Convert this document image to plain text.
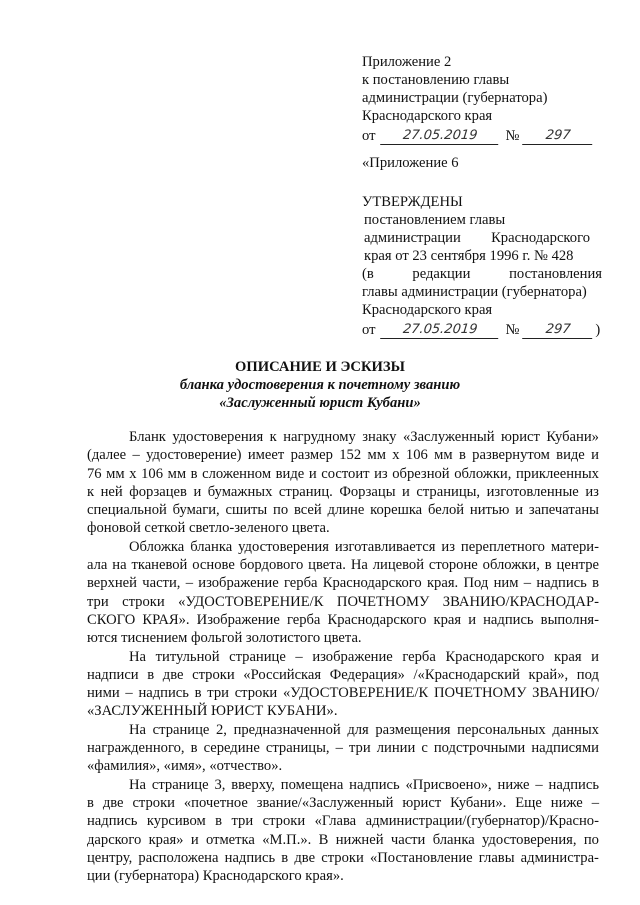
Приложение 2
к постановлению главы
администрации (губернатора)
Краснодарского края
от	27.05.2019	№	297
«Приложение 6
УТВЕРЖДЕНЫ
постановлением главы
администрации Краснодарского
края от 23 сентября 1996 г. № 428
(в	редакции	постановления
главы администрации (губернатора)
Краснодарского края
от	27.05.2019	№	297	)
ОПИСАНИЕ И ЭСКИЗЫ
бланка удостоверения к почетному званию
«Заслуженный юрист Кубани»
Бланк удостоверения к нагрудному знаку «Заслуженный юрист Кубани»
(далее – удостоверение) имеет размер 152 мм х 106 мм в развернутом виде и
76 мм х 106 мм в сложенном виде и состоит из обрезной обложки, приклеенных
к ней форзацев и бумажных страниц. Форзацы и страницы, изготовленные из
специальной бумаги, сшиты по всей длине корешка белой нитью и запечатаны
фоновой сеткой светло-зеленого цвета.
Обложка бланка удостоверения изготавливается из переплетного матери-
ала на тканевой основе бордового цвета. На лицевой стороне обложки, в центре
верхней части, – изображение герба Краснодарского края. Под ним – надпись в
три строки «УДОСТОВЕРЕНИЕ/К ПОЧЕТНОМУ ЗВАНИЮ/КРАСНОДАР-
СКОГО КРАЯ». Изображение герба Краснодарского края и надпись выполня-
ются тиснением фольгой золотистого цвета.
На титульной странице – изображение герба Краснодарского края и
надписи в две строки «Российская Федерация» /«Краснодарский край», под
ними – надпись в три строки «УДОСТОВЕРЕНИЕ/К ПОЧЕТНОМУ ЗВАНИЮ/
«ЗАСЛУЖЕННЫЙ ЮРИСТ КУБАНИ».
На странице 2, предназначенной для размещения персональных данных
награжденного, в середине страницы, – три линии с подстрочными надписями
«фамилия», «имя», «отчество».
На странице 3, вверху, помещена надпись «Присвоено», ниже – надпись
в две строки «почетное звание/«Заслуженный юрист Кубани». Еще ниже –
надпись курсивом в три строки «Глава администрации/(губернатор)/Красно-
дарского края» и отметка «М.П.». В нижней части бланка удостоверения, по
центру, расположена надпись в две строки «Постановление главы администра-
ции (губернатора) Краснодарского края».
